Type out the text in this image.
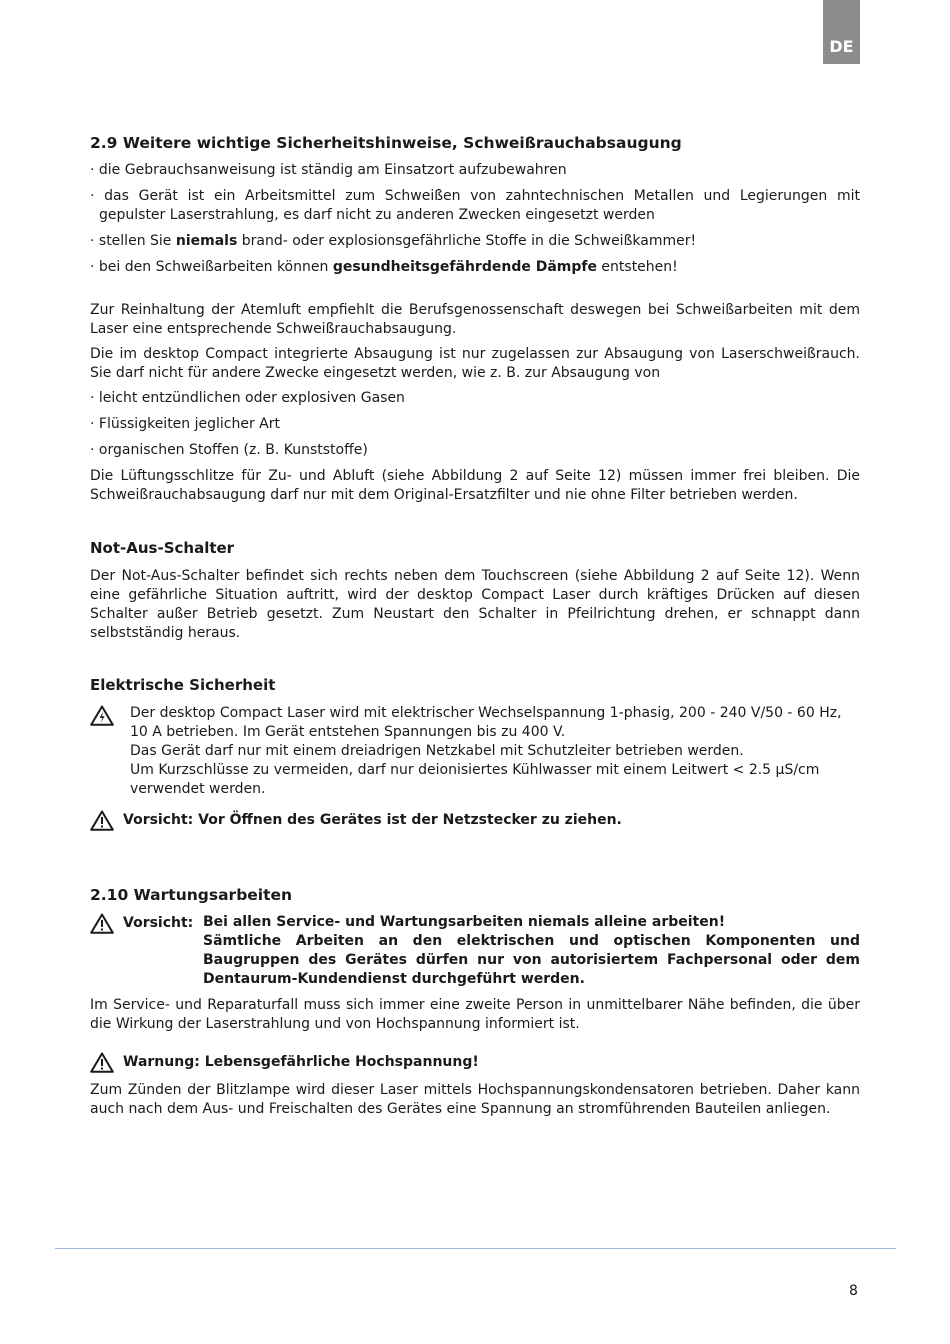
DE
2.9 Weitere wichtige Sicherheitshinweise, Schweißrauchabsaugung

· die Gebrauchsanweisung ist ständig am Einsatzort aufzubewahren

· das Gerät ist ein Arbeitsmittel zum Schweißen von zahntechnischen Metallen und Legierungen mit gepulster Laserstrahlung, es darf nicht zu anderen Zwecken eingesetzt werden

· stellen Sie niemals brand- oder explosionsgefährliche Stoffe in die Schweißkammer!

· bei den Schweißarbeiten können gesundheitsgefährdende Dämpfe entstehen!

Zur Reinhaltung der Atemluft empfiehlt die Berufsgenossenschaft deswegen bei Schweißarbeiten mit dem Laser eine entsprechende Schweißrauchabsaugung.

Die im desktop Compact integrierte Absaugung ist nur zugelassen zur Absaugung von Laserschweißrauch. Sie darf nicht für andere Zwecke eingesetzt werden, wie z. B. zur Absaugung von

· leicht entzündlichen oder explosiven Gasen

· Flüssigkeiten jeglicher Art

· organischen Stoffen (z. B. Kunststoffe)

Die Lüftungsschlitze für Zu- und Abluft (siehe Abbildung 2 auf Seite 12) müssen immer frei bleiben. Die Schweißrauchabsaugung darf nur mit dem Original-Ersatzfilter und nie ohne Filter betrieben werden.

Not-Aus-Schalter

Der Not-Aus-Schalter befindet sich rechts neben dem Touchscreen (siehe Abbildung 2 auf Seite 12). Wenn eine gefährliche Situation auftritt, wird der desktop Compact Laser durch kräftiges Drücken auf diesen Schalter außer Betrieb gesetzt. Zum Neustart den Schalter in Pfeilrichtung drehen, er schnappt dann selbstständig heraus.

Elektrische Sicherheit

Der desktop Compact Laser wird mit elektrischer Wechselspannung 1-phasig, 200 - 240 V/50 - 60 Hz, 10 A betrieben. Im Gerät entstehen Spannungen bis zu 400 V.

Das Gerät darf nur mit einem dreiadrigen Netzkabel mit Schutzleiter betrieben werden.

Um Kurzschlüsse zu vermeiden, darf nur deionisiertes Kühlwasser mit einem Leitwert < 2.5 µS/cm verwendet werden.

Vorsicht: Vor Öffnen des Gerätes ist der Netzstecker zu ziehen.
2.10 Wartungsarbeiten
Vorsicht: Bei allen Service- und Wartungsarbeiten niemals alleine arbeiten!

Sämtliche Arbeiten an den elektrischen und optischen Komponenten und Baugruppen des Gerätes dürfen nur von autorisiertem Fachpersonal oder dem Dentaurum-Kundendienst durchgeführt werden.

Im Service- und Reparaturfall muss sich immer eine zweite Person in unmittelbarer Nähe befinden, die über die Wirkung der Laserstrahlung und von Hochspannung informiert ist.

Warnung: Lebensgefährliche Hochspannung!

Zum Zünden der Blitzlampe wird dieser Laser mittels Hochspannungskondensatoren betrieben. Daher kann auch nach dem Aus- und Freischalten des Gerätes eine Spannung an stromführenden Bauteilen anliegen.

8
